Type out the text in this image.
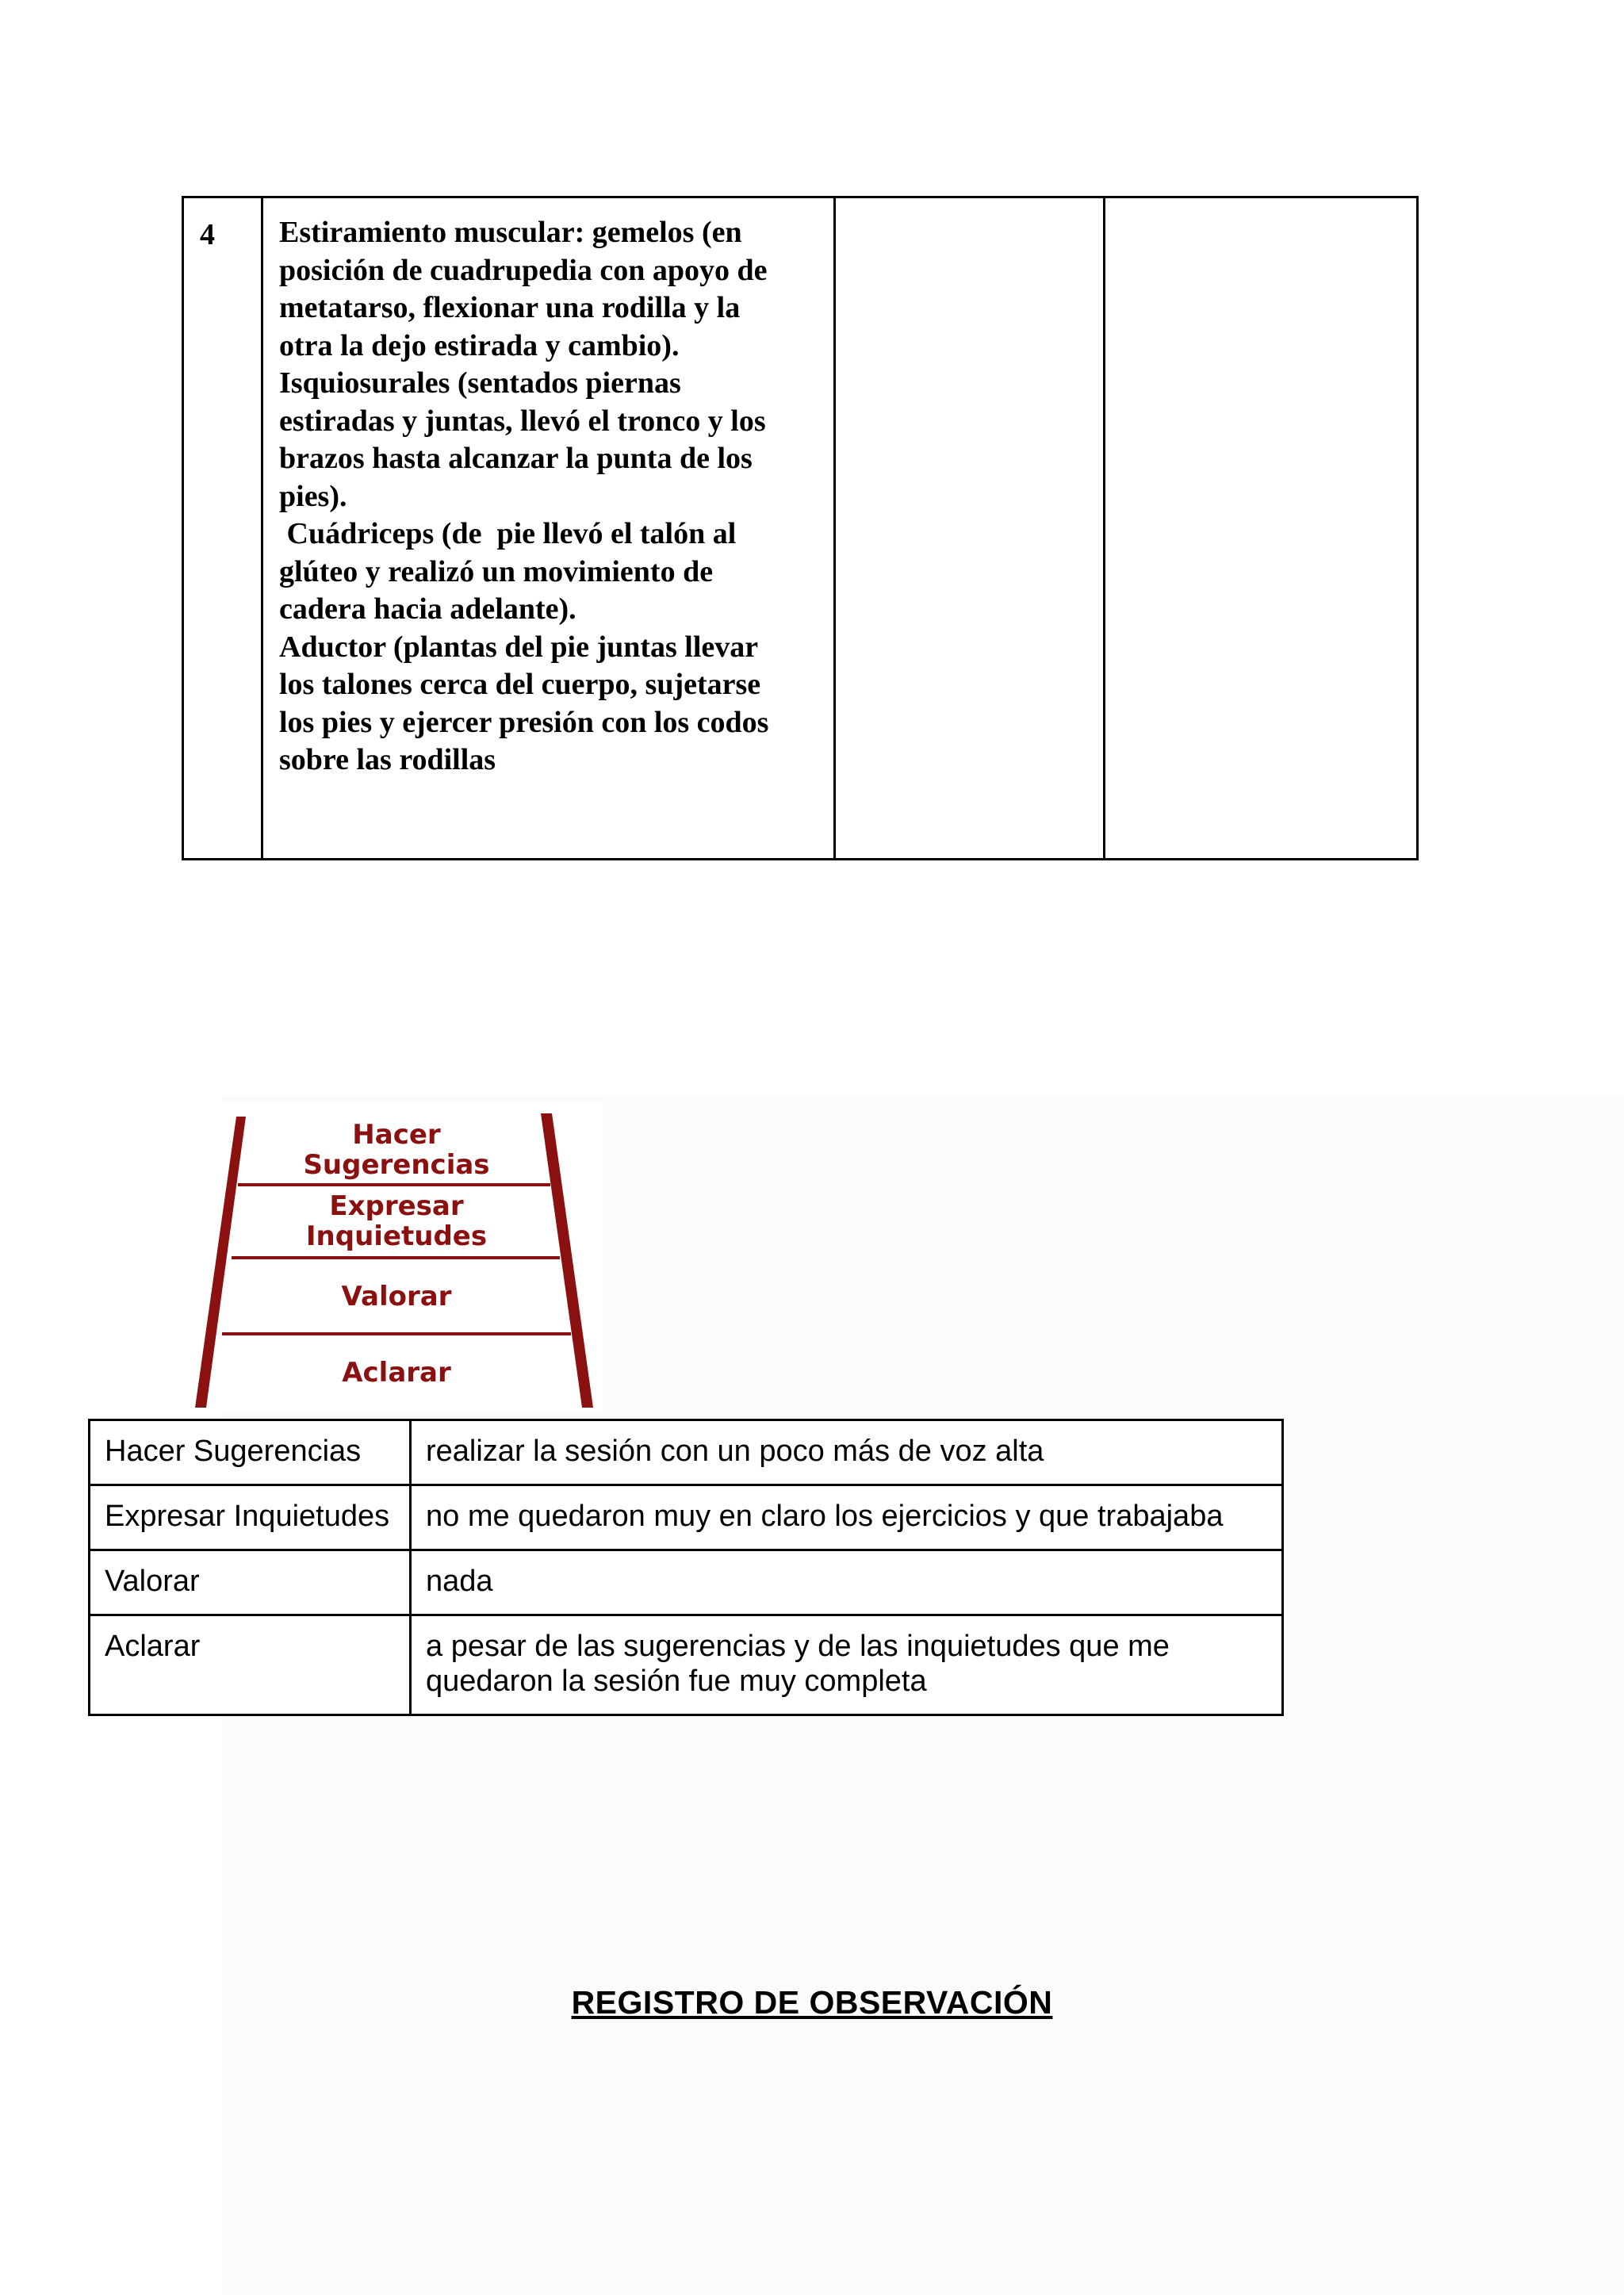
4	Estiramiento muscular: gemelos (en
posición de cuadrupedia con apoyo de
metatarso, flexionar una rodilla y la
otra la dejo estirada y cambio).
Isquiosurales (sentados piernas
estiradas y juntas, llevó el tronco y los
brazos hasta alcanzar la punta de los
pies).
Cuádriceps (de  pie llevó el talón al
glúteo y realizó un movimiento de
cadera hacia adelante).
Aductor (plantas del pie juntas llevar
los talones cerca del cuerpo, sujetarse
los pies y ejercer presión con los codos
sobre las rodillas

Hacer
Sugerencias
Expresar
Inquietudes
Valorar
Aclarar
Hacer Sugerencias	realizar la sesión con un poco más de voz alta
Expresar Inquietudes	no me quedaron muy en claro los ejercicios y que trabajaba
Valorar	nada
Aclarar	a pesar de las sugerencias y de las inquietudes que me
quedaron la sesión fue muy completa
REGISTRO DE OBSERVACIÓN
